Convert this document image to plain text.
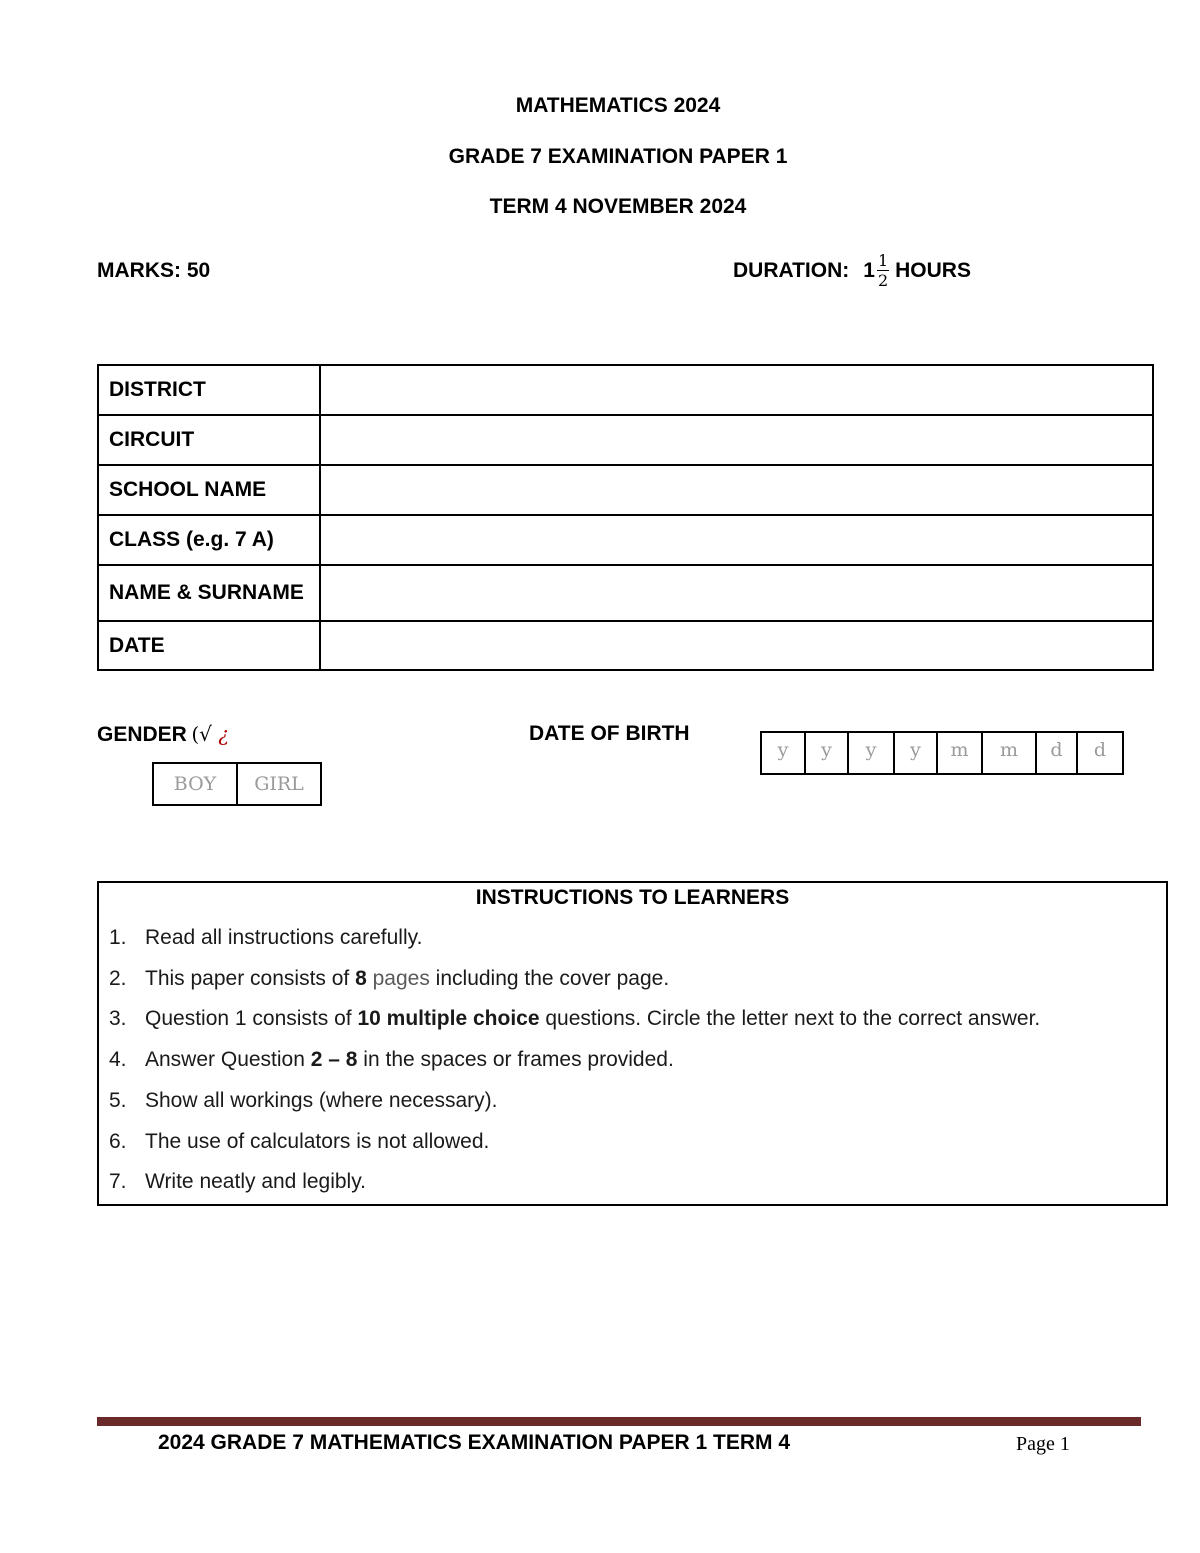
MATHEMATICS 2024
GRADE 7 EXAMINATION PAPER 1
TERM 4 NOVEMBER 2024
MARKS: 50	DURATION: $1 \frac{1}{2}$ HOURS
DISTRICT	
CIRCUIT	
SCHOOL NAME	
CLASS (e.g. 7 A)	
NAME & SURNAME	
DATE	
GENDER (√ ¿
BOY	GIRL
DATE OF BIRTH
y	y	y	y	m	m	d	d
INSTRUCTIONS TO LEARNERS
1. Read all instructions carefully.
2. This paper consists of 8 pages including the cover page.
3. Question 1 consists of 10 multiple choice questions. Circle the letter next to the correct answer.
4. Answer Question 2 – 8 in the spaces or frames provided.
5. Show all workings (where necessary).
6. The use of calculators is not allowed.
7. Write neatly and legibly.
2024 GRADE 7 MATHEMATICS EXAMINATION PAPER 1 TERM 4	Page 1
